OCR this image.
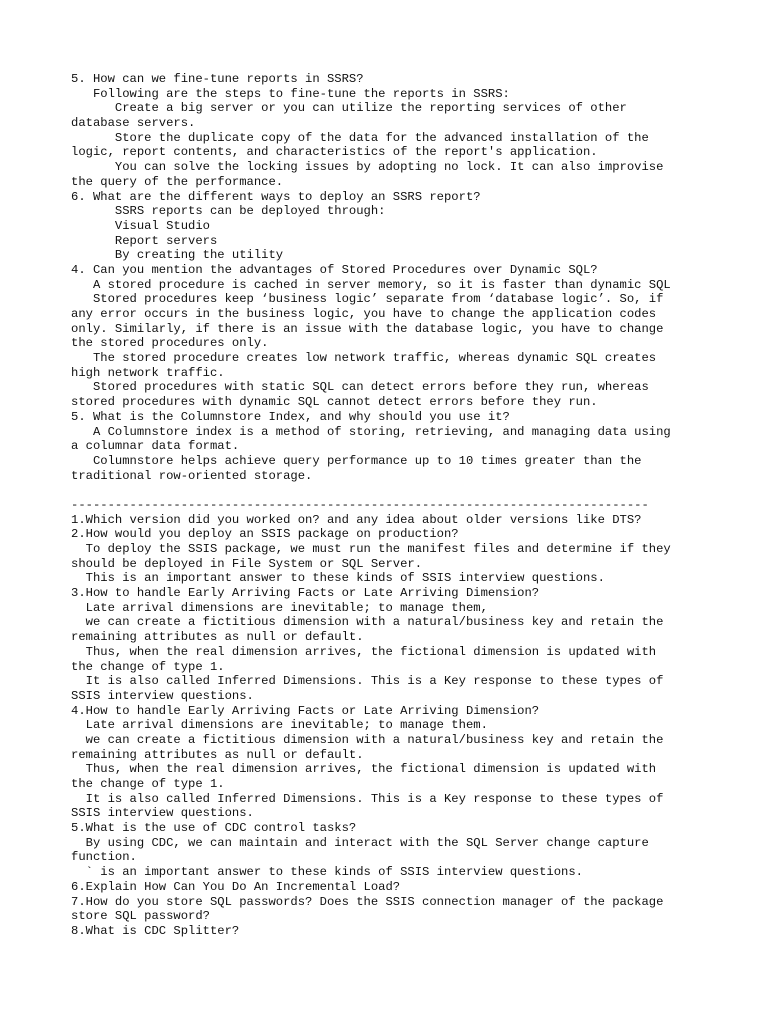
5. How can we fine-tune reports in SSRS?
Following are the steps to fine-tune the reports in SSRS:
Create a big server or you can utilize the reporting services of other
database servers.
Store the duplicate copy of the data for the advanced installation of the
logic, report contents, and characteristics of the report's application.
You can solve the locking issues by adopting no lock. It can also improvise
the query of the performance.
6. What are the different ways to deploy an SSRS report?
SSRS reports can be deployed through:
Visual Studio
Report servers
By creating the utility
4. Can you mention the advantages of Stored Procedures over Dynamic SQL?
A stored procedure is cached in server memory, so it is faster than dynamic SQL
Stored procedures keep ‘business logic’ separate from ‘database logic’. So, if
any error occurs in the business logic, you have to change the application codes
only. Similarly, if there is an issue with the database logic, you have to change
the stored procedures only.
The stored procedure creates low network traffic, whereas dynamic SQL creates
high network traffic.
Stored procedures with static SQL can detect errors before they run, whereas
stored procedures with dynamic SQL cannot detect errors before they run.
5. What is the Columnstore Index, and why should you use it?
A Columnstore index is a method of storing, retrieving, and managing data using
a columnar data format.
Columnstore helps achieve query performance up to 10 times greater than the
traditional row-oriented storage.
-------------------------------------------------------------------------------
1.Which version did you worked on? and any idea about older versions like DTS?
2.How would you deploy an SSIS package on production?
To deploy the SSIS package, we must run the manifest files and determine if they
should be deployed in File System or SQL Server.
This is an important answer to these kinds of SSIS interview questions.
3.How to handle Early Arriving Facts or Late Arriving Dimension?
Late arrival dimensions are inevitable; to manage them,
we can create a fictitious dimension with a natural/business key and retain the
remaining attributes as null or default.
Thus, when the real dimension arrives, the fictional dimension is updated with
the change of type 1.
It is also called Inferred Dimensions. This is a Key response to these types of
SSIS interview questions.
4.How to handle Early Arriving Facts or Late Arriving Dimension?
Late arrival dimensions are inevitable; to manage them.
we can create a fictitious dimension with a natural/business key and retain the
remaining attributes as null or default.
Thus, when the real dimension arrives, the fictional dimension is updated with
the change of type 1.
It is also called Inferred Dimensions. This is a Key response to these types of
SSIS interview questions.
5.What is the use of CDC control tasks?
By using CDC, we can maintain and interact with the SQL Server change capture
function.
` is an important answer to these kinds of SSIS interview questions.
6.Explain How Can You Do An Incremental Load?
7.How do you store SQL passwords? Does the SSIS connection manager of the package
store SQL password?
8.What is CDC Splitter?
